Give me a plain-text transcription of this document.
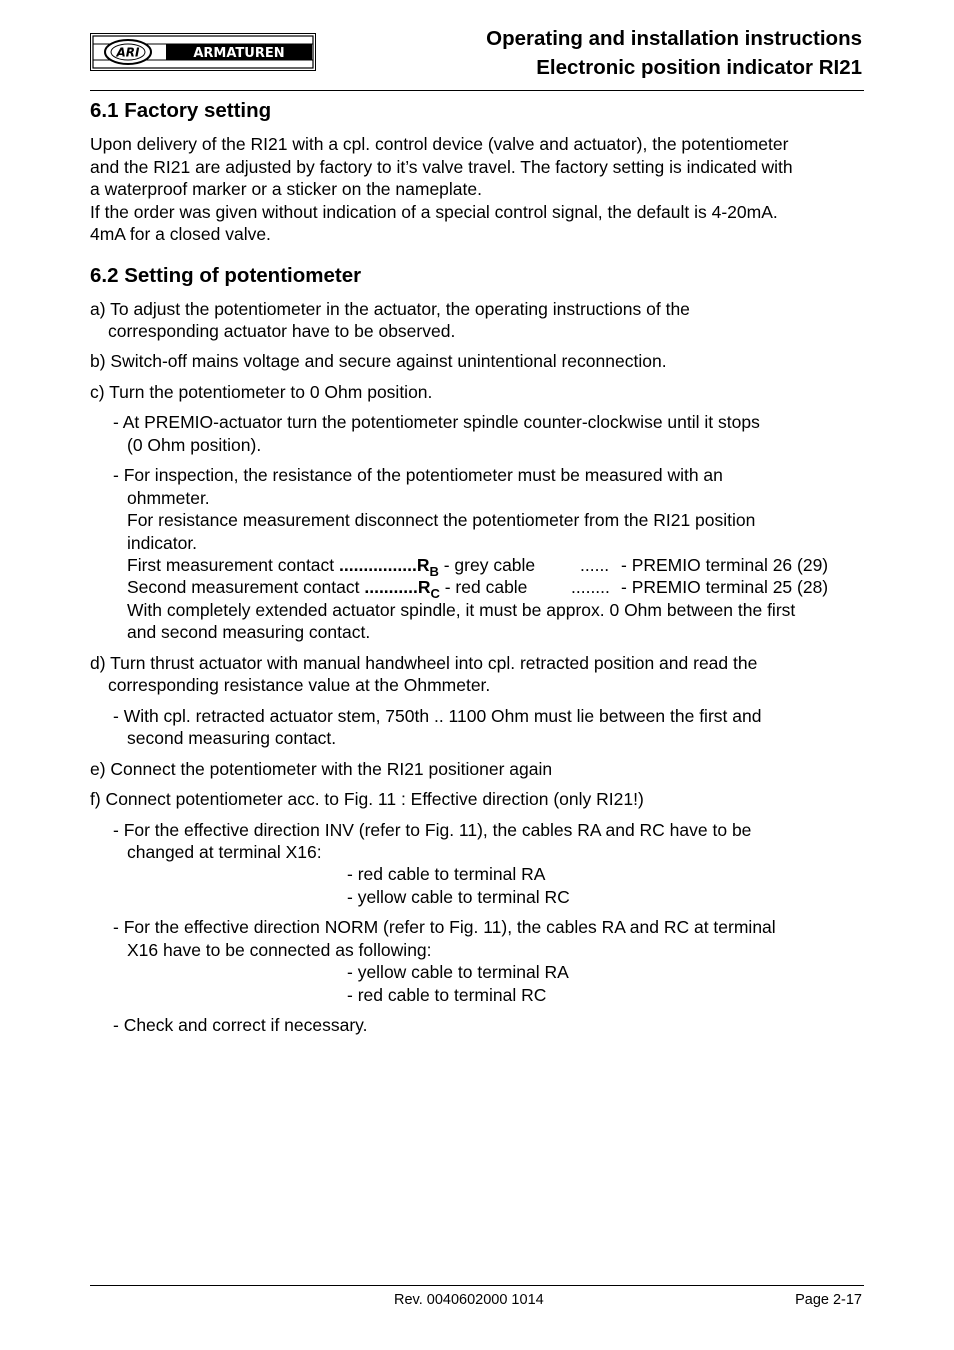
ARI	ARMATUREN
Operating and installation instructions
Electronic position indicator RI21
6.1 Factory setting
Upon delivery of the RI21 with a cpl. control device (valve and actuator), the potentiometer
and the RI21 are adjusted by factory to it’s valve travel. The factory setting is indicated with
a waterproof marker or a sticker on the nameplate.
If the order was given without indication of a special control signal, the default is 4-20mA.
4mA for a closed valve.
6.2 Setting of potentiometer
a) To adjust the potentiometer in the actuator, the operating instructions of the
corresponding actuator have to be observed.
b) Switch-off mains voltage and secure against unintentional reconnection.
c) Turn the potentiometer to 0 Ohm position.
- At PREMIO-actuator turn the potentiometer spindle counter-clockwise until it stops
(0 Ohm position).
- For inspection, the resistance of the potentiometer must be measured with an
ohmmeter.
For resistance measurement disconnect the potentiometer from the RI21 position
indicator.
First measurement contact $................R_B$ - grey cable	...... - PREMIO terminal 26 (29)
Second measurement contact $...........R_C$ - red cable ........ - PREMIO terminal 25 (28)
With completely extended actuator spindle, it must be approx. 0 Ohm between the first
and second measuring contact.
d) Turn thrust actuator with manual handwheel into cpl. retracted position and read the
corresponding resistance value at the Ohmmeter.
- With cpl. retracted actuator stem, 750th .. 1100 Ohm must lie between the first and
second measuring contact.
e) Connect the potentiometer with the RI21 positioner again
f) Connect potentiometer acc. to Fig. 11 : Effective direction (only RI21!)
- For the effective direction INV (refer to Fig. 11), the cables RA and RC have to be
changed at terminal X16:
- red cable to terminal RA
- yellow cable to terminal RC
- For the effective direction NORM (refer to Fig. 11), the cables RA and RC at terminal
X16 have to be connected as following:
- yellow cable to terminal RA
- red cable to terminal RC
- Check and correct if necessary.
Rev. 0040602000 1014	Page 2-17
